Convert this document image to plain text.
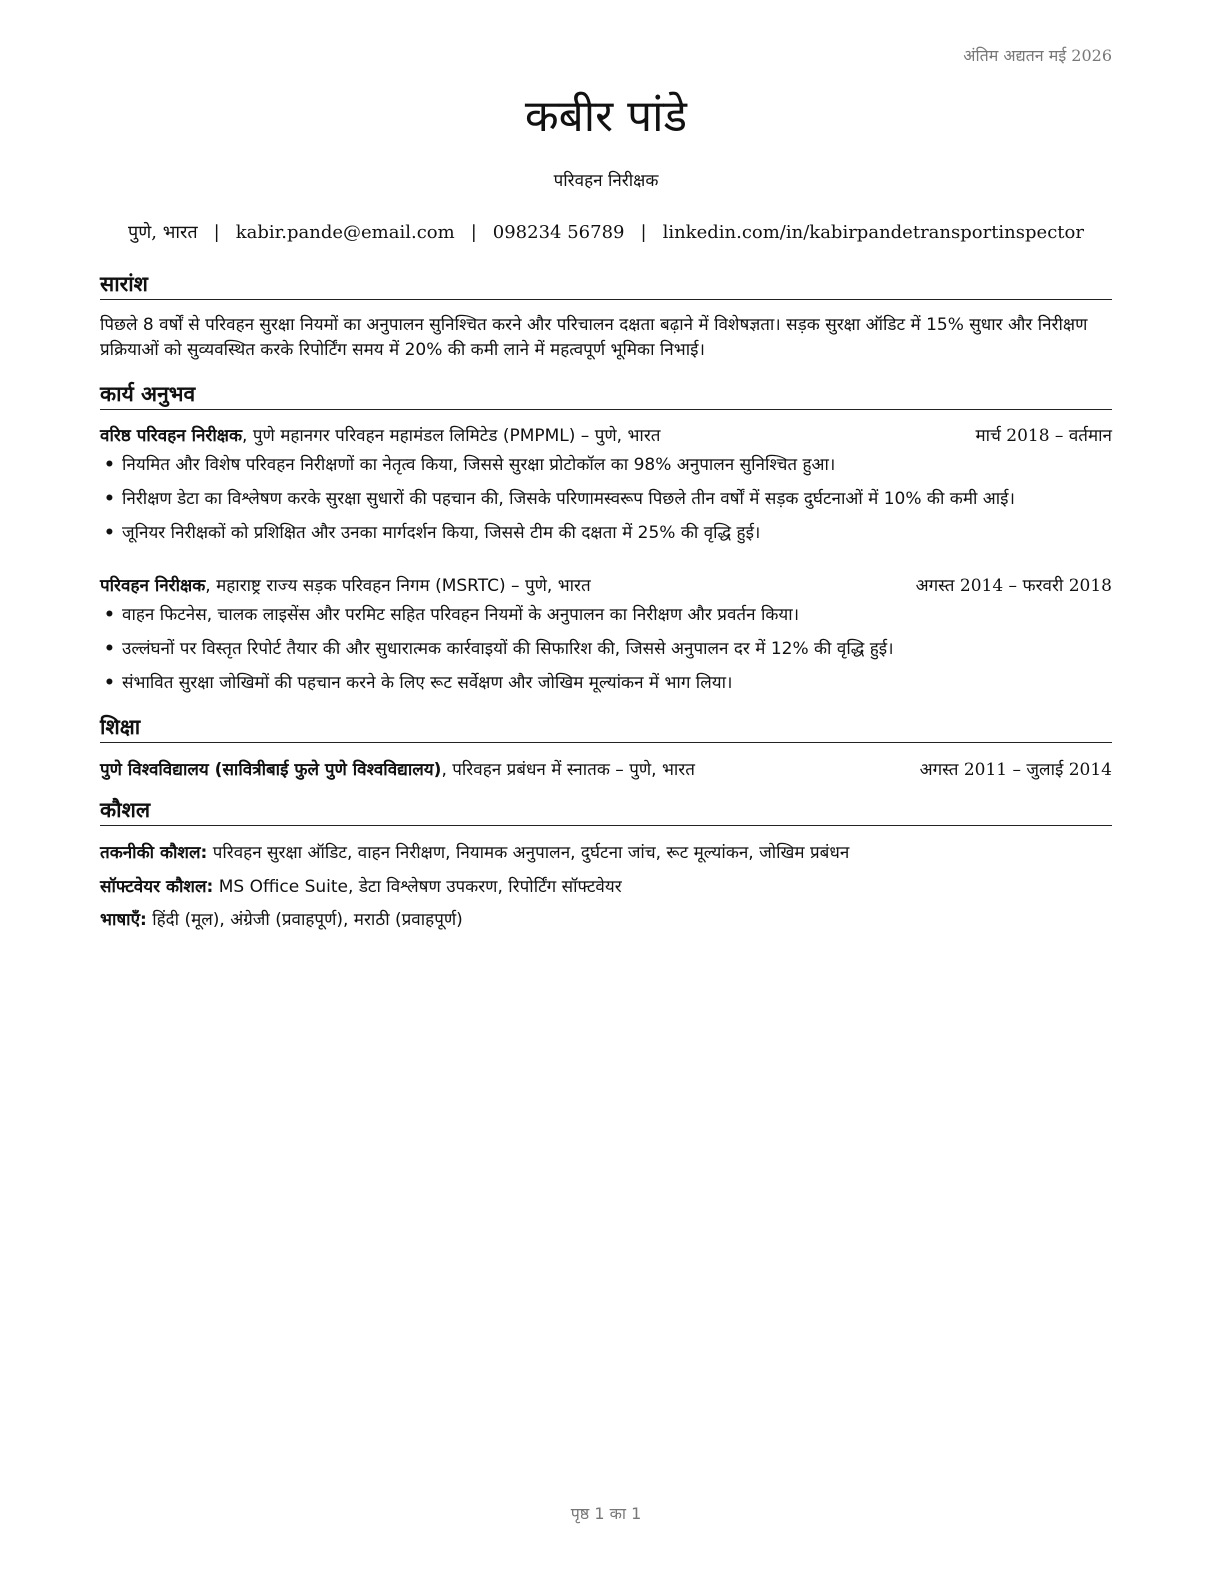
अंतिम अद्यतन मई 2026
कबीर पांडे
परिवहन निरीक्षक
पुणे, भारत | kabir.pande@email.com | 098234 56789 | linkedin.com/in/kabirpandetransportinspector
सारांश
पिछले 8 वर्षों से परिवहन सुरक्षा नियमों का अनुपालन सुनिश्चित करने और परिचालन दक्षता बढ़ाने में विशेषज्ञता। सड़क सुरक्षा ऑडिट में 15% सुधार और निरीक्षण प्रक्रियाओं को सुव्यवस्थित करके रिपोर्टिंग समय में 20% की कमी लाने में महत्वपूर्ण भूमिका निभाई।
कार्य अनुभव
वरिष्ठ परिवहन निरीक्षक, पुणे महानगर परिवहन महामंडल लिमिटेड (PMPML) – पुणे, भारत	मार्च 2018 – वर्तमान
• नियमित और विशेष परिवहन निरीक्षणों का नेतृत्व किया, जिससे सुरक्षा प्रोटोकॉल का 98% अनुपालन सुनिश्चित हुआ।
• निरीक्षण डेटा का विश्लेषण करके सुरक्षा सुधारों की पहचान की, जिसके परिणामस्वरूप पिछले तीन वर्षों में सड़क दुर्घटनाओं में 10% की कमी आई।
• जूनियर निरीक्षकों को प्रशिक्षित और उनका मार्गदर्शन किया, जिससे टीम की दक्षता में 25% की वृद्धि हुई।
परिवहन निरीक्षक, महाराष्ट्र राज्य सड़क परिवहन निगम (MSRTC) – पुणे, भारत	अगस्त 2014 – फरवरी 2018
• वाहन फिटनेस, चालक लाइसेंस और परमिट सहित परिवहन नियमों के अनुपालन का निरीक्षण और प्रवर्तन किया।
• उल्लंघनों पर विस्तृत रिपोर्ट तैयार की और सुधारात्मक कार्रवाइयों की सिफारिश की, जिससे अनुपालन दर में 12% की वृद्धि हुई।
• संभावित सुरक्षा जोखिमों की पहचान करने के लिए रूट सर्वेक्षण और जोखिम मूल्यांकन में भाग लिया।
शिक्षा
पुणे विश्वविद्यालय (सावित्रीबाई फुले पुणे विश्वविद्यालय), परिवहन प्रबंधन में स्नातक – पुणे, भारत	अगस्त 2011 – जुलाई 2014
कौशल
तकनीकी कौशल: परिवहन सुरक्षा ऑडिट, वाहन निरीक्षण, नियामक अनुपालन, दुर्घटना जांच, रूट मूल्यांकन, जोखिम प्रबंधन
सॉफ्टवेयर कौशल: MS Office Suite, डेटा विश्लेषण उपकरण, रिपोर्टिंग सॉफ्टवेयर
भाषाएँ: हिंदी (मूल), अंग्रेजी (प्रवाहपूर्ण), मराठी (प्रवाहपूर्ण)
पृष्ठ 1 का 1
